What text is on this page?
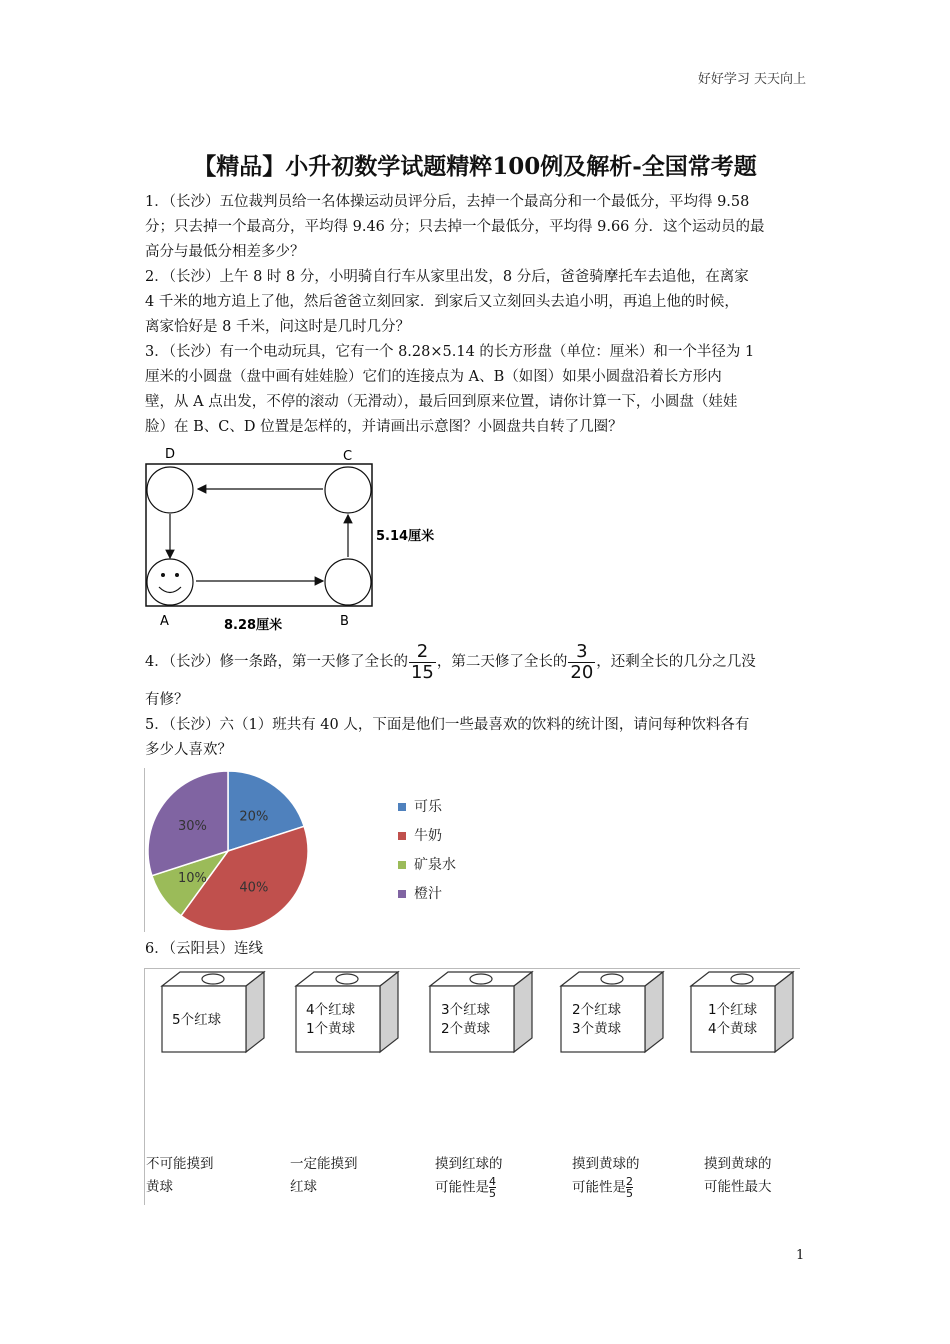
好好学习 天天向上
【精品】小升初数学试题精粹100例及解析-全国常考题
1．（长沙）五位裁判员给一名体操运动员评分后，去掉一个最高分和一个最低分，平均得 9.58
分；只去掉一个最高分，平均得 9.46 分；只去掉一个最低分，平均得 9.66 分．这个运动员的最
高分与最低分相差多少？
2．（长沙）上午 8 时 8 分，小明骑自行车从家里出发，8 分后，爸爸骑摩托车去追他，在离家
4 千米的地方追上了他，然后爸爸立刻回家．到家后又立刻回头去追小明，再追上他的时候，
离家恰好是 8 千米，问这时是几时几分？
3．（长沙）有一个电动玩具，它有一个 8.28×5.14 的长方形盘（单位：厘米）和一个半径为 1
厘米的小圆盘（盘中画有娃娃脸）它们的连接点为 A、B（如图）如果小圆盘沿着长方形内
壁，从 A 点出发，不停的滚动（无滑动），最后回到原来位置，请你计算一下，小圆盘（娃娃
脸）在 B、C、D 位置是怎样的，并请画出示意图？小圆盘共自转了几圈？
D	C
A	B
8.28厘米
5.14厘米
4．（长沙）修一条路，第一天修了全长的 $\frac{2}{15}$ ，第二天修了全长的 $\frac{3}{20}$ ，还剩全长的几分之几没
有修？
5．（长沙）六（1）班共有 40 人，下面是他们一些最喜欢的饮料的统计图，请问每种饮料各有
多少人喜欢？
20%
40%
10%
30%
可乐
牛奶
矿泉水
橙汁
6．（云阳县）连线
5个红球
4个红球
1个黄球
3个红球
2个黄球
2个红球
3个黄球
1个红球
4个黄球
不可能摸到
黄球
一定能摸到
红球
摸到红球的
可能性是 $\frac{4}{5}$
摸到黄球的
可能性是 $\frac{2}{5}$
摸到黄球的
可能性最大
1
